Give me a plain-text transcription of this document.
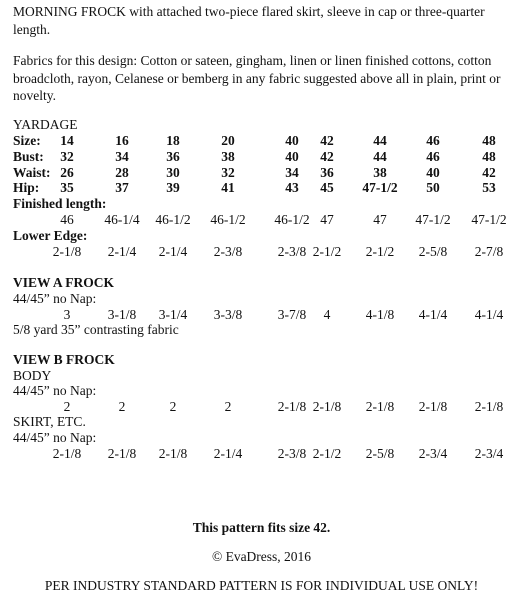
MORNING FROCK with attached two-piece flared skirt, sleeve in cap or three-quarter length.
Fabrics for this design: Cotton or sateen, gingham, linen or linen finished cottons, cotton broadcloth, rayon, Celanese or bemberg in any fabric suggested above all in plain, print or novelty.
YARDAGE
Size:	14	16	18	20	40	42	44	46	48
Bust:	32	34	36	38	40	42	44	46	48
Waist: 26	28	30	32	34	36	38	40	42
Hip:	35	37	39	41	43	45	47-1/2	50	53
Finished length:
46	46-1/4	46-1/2	46-1/2	46-1/2 47	47	47-1/2	47-1/2
Lower Edge:
2-1/8	2-1/4	2-1/4	2-3/8	2-3/8 2-1/2	2-1/2	2-5/8	2-7/8
VIEW A FROCK
44/45” no Nap:
3	3-1/8	3-1/4	3-3/8	3-7/8	4	4-1/8	4-1/4	4-1/4
5/8 yard 35” contrasting fabric
VIEW B FROCK
BODY
44/45” no Nap:
2	2	2	2	2-1/8 2-1/8	2-1/8	2-1/8	2-1/8
SKIRT, ETC.
44/45” no Nap:
2-1/8	2-1/8	2-1/8	2-1/4	2-3/8 2-1/2	2-5/8	2-3/4	2-3/4
This pattern fits size 42.
© EvaDress, 2016
PER INDUSTRY STANDARD PATTERN IS FOR INDIVIDUAL USE ONLY!
